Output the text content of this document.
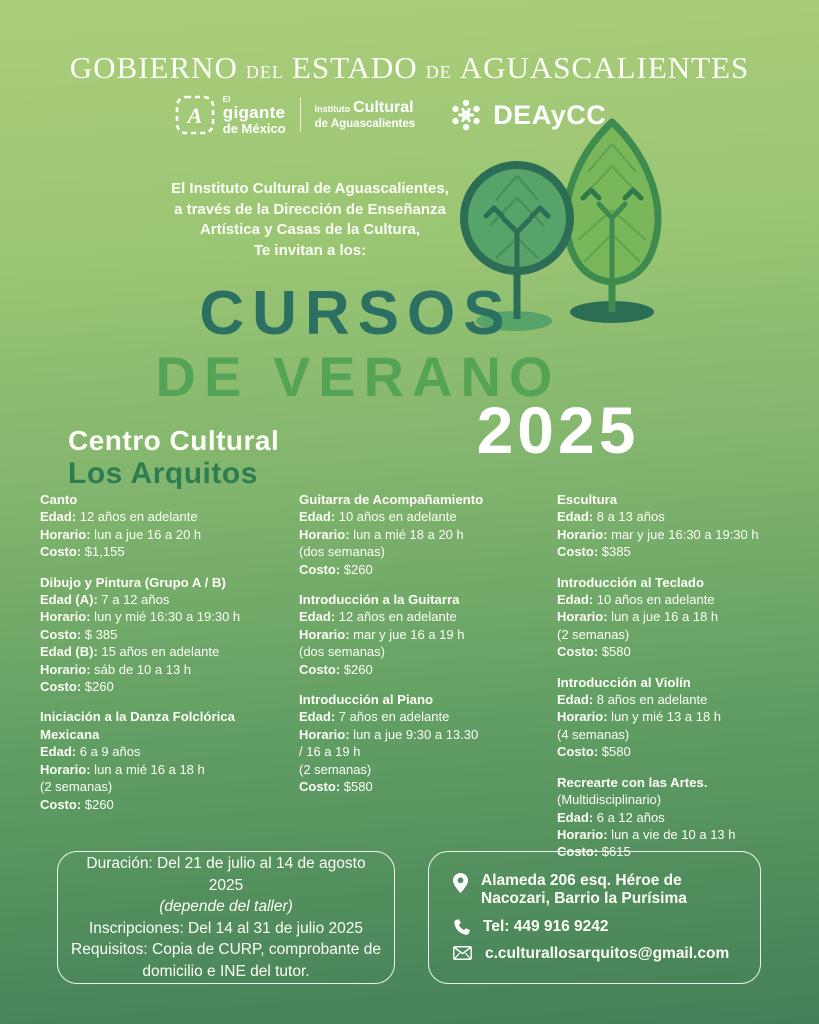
GOBIERNO DEL ESTADO DE AGUASCALIENTES
A
El
gigante
de México
Instituto Cultural
de Aguascalientes	DEAyCC
El Instituto Cultural de Aguascalientes,
a través de la Dirección de Enseñanza
Artística y Casas de la Cultura,
Te invitan a los:
CURSOS
DE VERANO
2025
Centro Cultural
Los Arquitos
Canto
Edad: 12 años en adelante
Horario: lun a jue 16 a 20 h
Costo: $1,155
Dibujo y Pintura (Grupo A / B)
Edad (A): 7 a 12 años
Horario: lun y mié 16:30 a 19:30 h
Costo: $ 385
Edad (B): 15 años en adelante
Horario: sáb de 10 a 13 h
Costo: $260
Iniciación a la Danza Folclórica Mexicana
Edad: 6 a 9 años
Horario: lun a mié 16 a 18 h
(2 semanas)
Costo: $260
Guitarra de Acompañamiento
Edad: 10 años en adelante
Horario: lun a mié 18 a 20 h
(dos semanas)
Costo: $260
Introducción a la Guitarra
Edad: 12 años en adelante
Horario: mar y jue 16 a 19 h
(dos semanas)
Costo: $260
Introducción al Piano
Edad: 7 años en adelante
Horario: lun a jue 9:30 a 13.30
/ 16 a 19 h
(2 semanas)
Costo: $580
Escultura
Edad: 8 a 13 años
Horario: mar y jue 16:30 a 19:30 h
Costo: $385
Introducción al Teclado
Edad: 10 años en adelante
Horario: lun a jue 16 a 18 h
(2 semanas)
Costo: $580
Introducción al Violín
Edad: 8 años en adelante
Horario: lun y mié 13 a 18 h
(4 semanas)
Costo: $580
Recrearte con las Artes.
(Multidisciplinario)
Edad: 6 a 12 años
Horario: lun a vie de 10 a 13 h
Costo: $615
Duración: Del 21 de julio al 14 de agosto 2025
(depende del taller)
Inscripciones: Del 14 al 31 de julio 2025
Requisitos: Copia de CURP, comprobante de domicilio e INE del tutor.
Alameda 206 esq. Héroe de
Nacozari, Barrio la Purísima
Tel: 449 916 9242
c.culturallosarquitos@gmail.com
